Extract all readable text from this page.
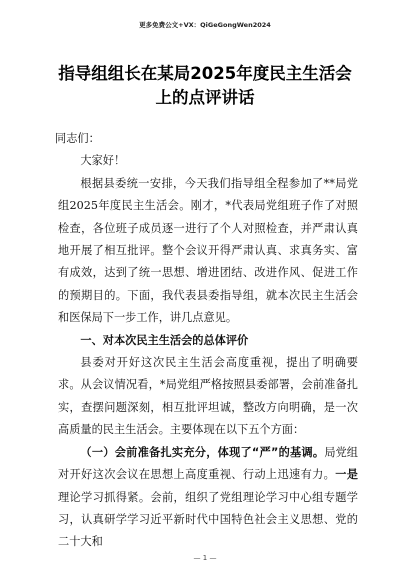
更多免费公文+VX：QiGeGongWen2024
指导组组长在某局2025年度民主生活会
上的点评讲话

同志们：

大家好！

根据县委统一安排，今天我们指导组全程参加了**局党组2025年度民主生活会。刚才，*代表局党组班子作了对照检查，各位班子成员逐一进行了个人对照检查，并严肃认真地开展了相互批评。整个会议开得严肃认真、求真务实、富有成效，达到了统一思想、增进团结、改进作风、促进工作的预期目的。下面，我代表县委指导组，就本次民主生活会和医保局下一步工作，讲几点意见。

一、对本次民主生活会的总体评价

县委对开好这次民主生活会高度重视，提出了明确要求。从会议情况看，*局党组严格按照县委部署，会前准备扎实，查摆问题深刻，相互批评坦诚，整改方向明确，是一次高质量的民主生活会。主要体现在以下五个方面：

（一）会前准备扎实充分，体现了“严”的基调。局党组对开好这次会议在思想上高度重视、行动上迅速有力。一是理论学习抓得紧。会前，组织了党组理论学习中心组专题学习，认真研学学习近平新时代中国特色社会主义思想、党的二十大和

— 1 —
